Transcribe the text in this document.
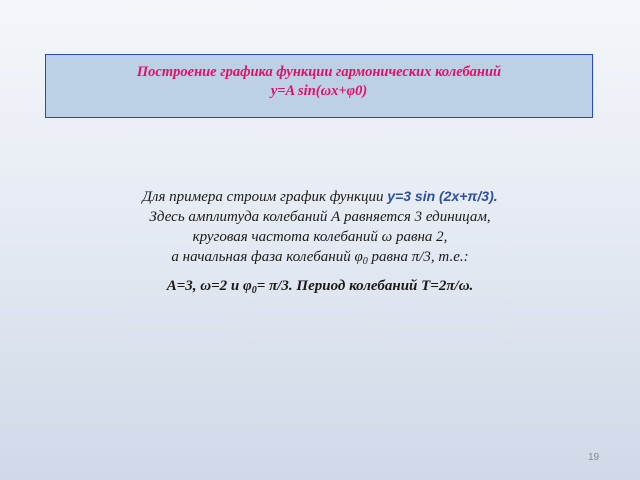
Построение графика функции гармонических колебаний
y=A sin(ωx+φ0)
Для примера строим график функции y=3 sin (2x+π/3).
Здесь амплитуда колебаний А равняется 3 единицам,
круговая частота колебаний ω равна 2,
а начальная фаза колебаний $\varphi_0$ равна π/3, т.е.:
A=3, ω=2 и $\varphi_0= \pi/3$. Период колебаний T=2π/ω.
19
